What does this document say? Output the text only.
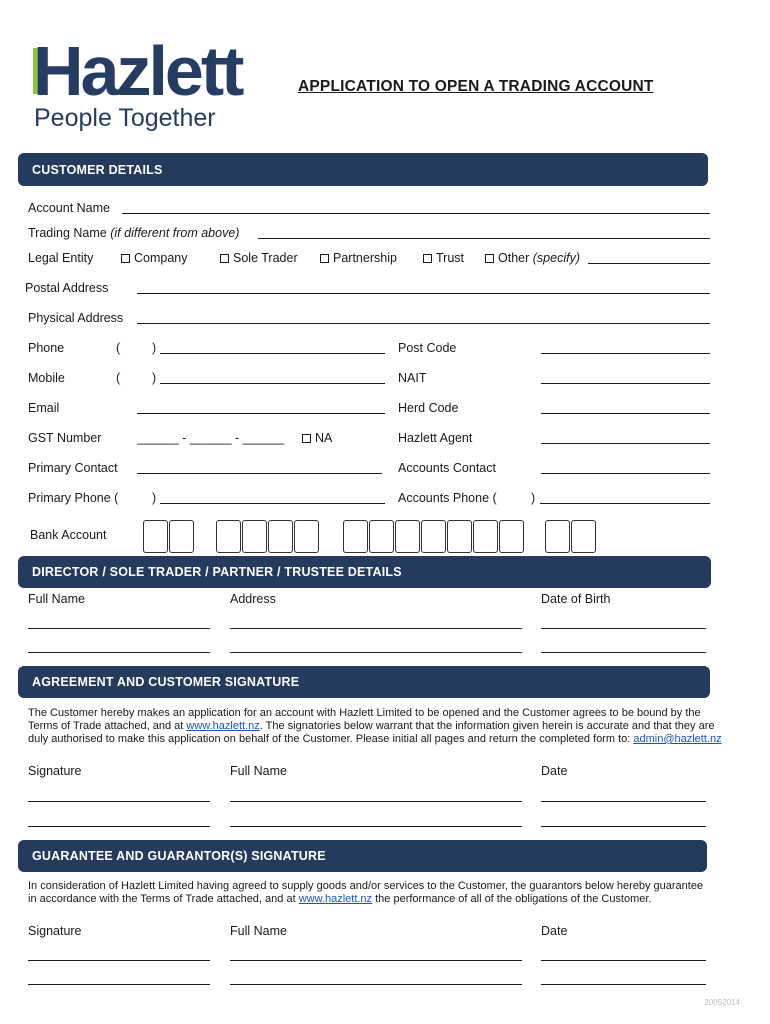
Hazlett
People Together
APPLICATION TO OPEN A TRADING ACCOUNT
CUSTOMER DETAILS
Account Name
Trading Name (if different from above)
Legal Entity	Company	Sole Trader	Partnership	Trust	Other (specify)
Postal Address
Physical Address
Phone	(	)	Post Code
Mobile	(	)	NAIT
Email	Herd Code
GST Number	______ - ______ - ______	NA	Hazlett Agent
Primary Contact	Accounts Contact
Primary Phone (	)	Accounts Phone (	)
Bank Account
DIRECTOR / SOLE TRADER / PARTNER / TRUSTEE DETAILS
Full Name	Address	Date of Birth
AGREEMENT AND CUSTOMER SIGNATURE
The Customer hereby makes an application for an account with Hazlett Limited to be opened and the Customer agrees to be bound by the Terms of Trade attached, and at www.hazlett.nz. The signatories below warrant that the information given herein is accurate and that they are duly authorised to make this application on behalf of the Customer. Please initial all pages and return the completed form to: admin@hazlett.nz
Signature	Full Name	Date
GUARANTEE AND GUARANTOR(S) SIGNATURE
In consideration of Hazlett Limited having agreed to supply goods and/or services to the Customer, the guarantors below hereby guarantee in accordance with the Terms of Trade attached, and at www.hazlett.nz the performance of all of the obligations of the Customer.
Signature	Full Name	Date
20052014
